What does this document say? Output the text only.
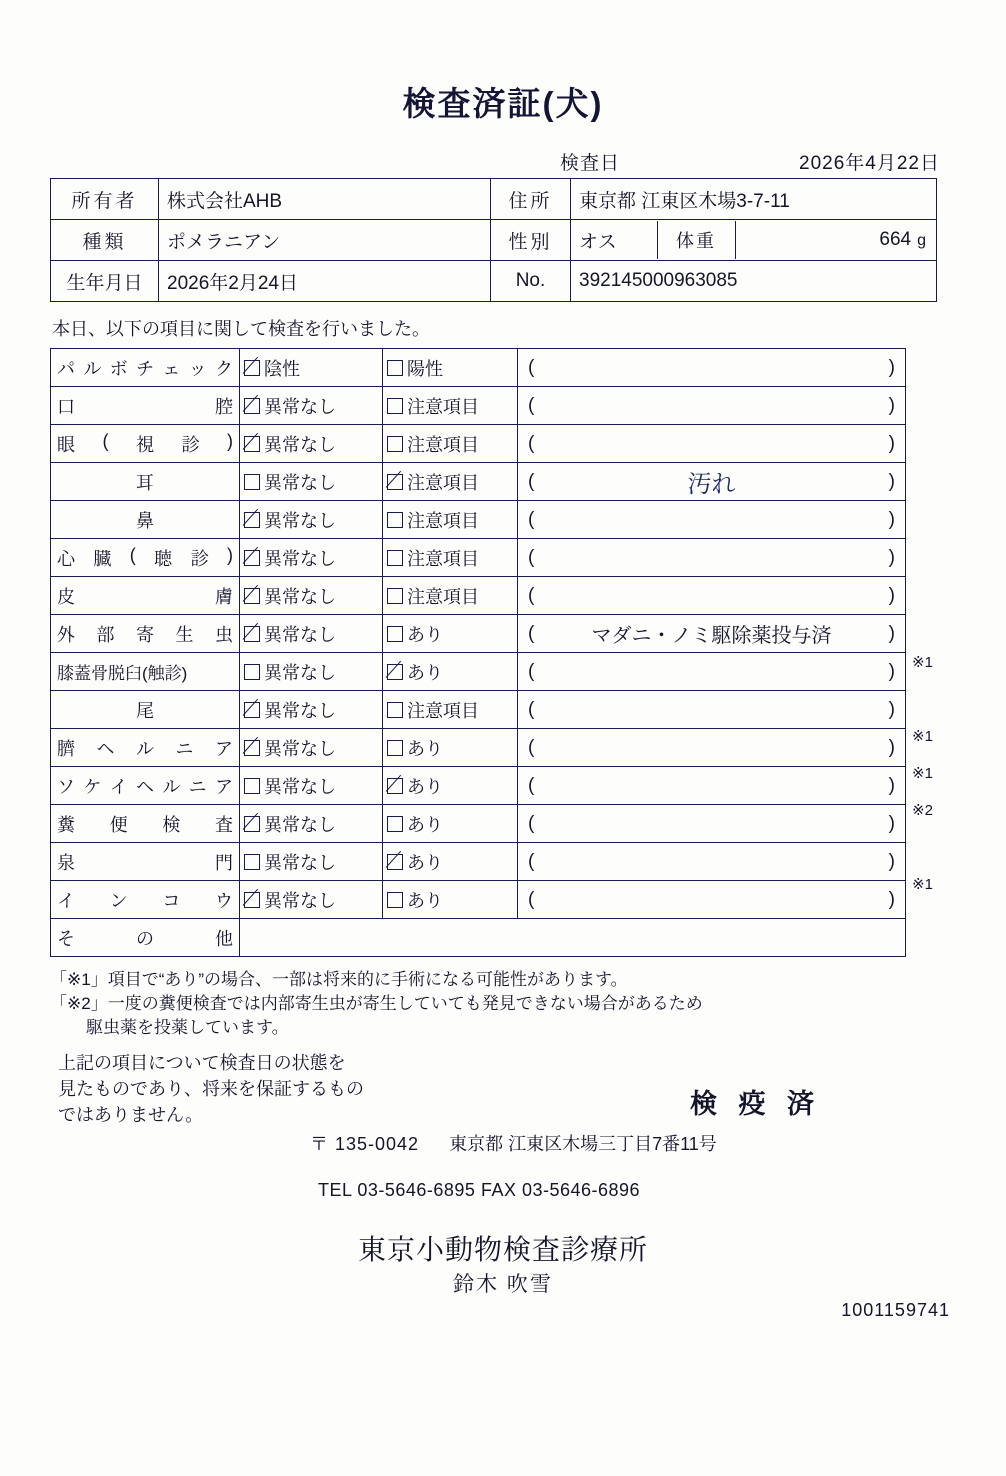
検査済証(犬)
検査日	2026年4月22日
所有者	株式会社AHB	住所	東京都 江東区木場3-7-11
種類	ポメラニアン	性別	オス	体重	664 g

生年月日	2026年2月24日	No.	392145000963085
本日、以下の項目に関して検査を行いました。
パ ル ボ チ ェ ッ ク	陰性	陽性	(	)

口 腔	異常なし	注意項目	( )

眼 ( 視 診 )	異常なし	注意項目	( )

耳	異常なし	注意項目	( 汚れ )

鼻	異常なし	注意項目	( )

心 臓 ( 聴 診 )	異常なし	注意項目	(	)

皮 膚	異常なし	注意項目	( )

外 部 寄 生 虫	異常なし	あり	( マダニ・ノミ駆除薬投与済 )

膝蓋骨脱臼(触診)	異常なし	あり	( )

尾	異常なし	注意項目	( )

臍 ヘ ル ニ ア	異常なし	あり	( )

ソ ケ イ ヘ ル ニ ア	異常なし	あり	(	)

糞 便 検 査	異常なし	あり	( )

泉 門	異常なし	あり	( )

イ ン コ ウ	異常なし	あり	( )

そ の 他			

※1
※1
※1
※2
※1
「※1」項目で“あり”の場合、一部は将来的に手術になる可能性があります。
「※2」一度の糞便検査では内部寄生虫が寄生していても発見できない場合があるため
駆虫薬を投薬しています。
上記の項目について検査日の状態を
見たものであり、将来を保証するもの
ではありません。	検 疫 済
〒 135-0042 東京都 江東区木場三丁目7番11号
TEL 03-5646-6895 FAX 03-5646-6896
東京小動物検査診療所
鈴木 吹雪
1001159741
